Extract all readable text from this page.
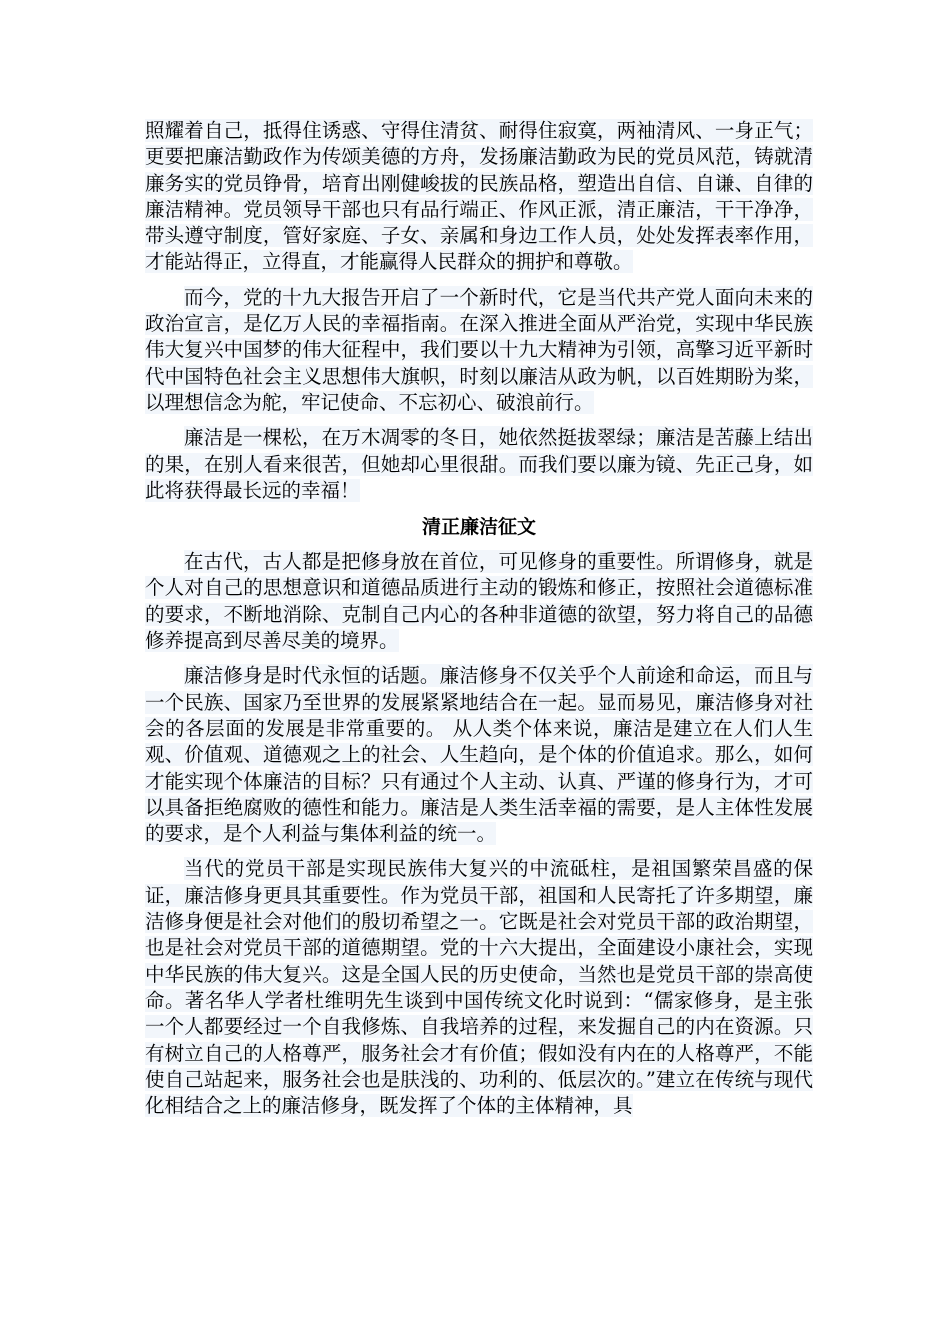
照耀着自己，抵得住诱惑、守得住清贫、耐得住寂寞，两袖清风、一身正气；更要把廉洁勤政作为传颂美德的方舟，发扬廉洁勤政为民的党员风范，铸就清廉务实的党员铮骨，培育出刚健峻拔的民族品格，塑造出自信、自谦、自律的廉洁精神。党员领导干部也只有品行端正、作风正派，清正廉洁，干干净净，带头遵守制度，管好家庭、子女、亲属和身边工作人员，处处发挥表率作用，才能站得正，立得直，才能赢得人民群众的拥护和尊敬。

而今，党的十九大报告开启了一个新时代，它是当代共产党人面向未来的政治宣言，是亿万人民的幸福指南。在深入推进全面从严治党，实现中华民族伟大复兴中国梦的伟大征程中，我们要以十九大精神为引领，高擎习近平新时代中国特色社会主义思想伟大旗帜，时刻以廉洁从政为帆，以百姓期盼为桨，以理想信念为舵，牢记使命、不忘初心、破浪前行。

廉洁是一棵松，在万木凋零的冬日，她依然挺拔翠绿；廉洁是苦藤上结出的果，在别人看来很苦，但她却心里很甜。而我们要以廉为镜、先正己身，如此将获得最长远的幸福！

清正廉洁征文

在古代，古人都是把修身放在首位，可见修身的重要性。所谓修身，就是个人对自己的思想意识和道德品质进行主动的锻炼和修正，按照社会道德标准的要求，不断地消除、克制自己内心的各种非道德的欲望，努力将自己的品德修养提高到尽善尽美的境界。

廉洁修身是时代永恒的话题。廉洁修身不仅关乎个人前途和命运，而且与一个民族、国家乃至世界的发展紧紧地结合在一起。显而易见，廉洁修身对社会的各层面的发展是非常重要的。 从人类个体来说，廉洁是建立在人们人生观、价值观、道德观之上的社会、人生趋向，是个体的价值追求。那么，如何才能实现个体廉洁的目标？只有通过个人主动、认真、严谨的修身行为，才可以具备拒绝腐败的德性和能力。廉洁是人类生活幸福的需要，是人主体性发展的要求，是个人利益与集体利益的统一。

当代的党员干部是实现民族伟大复兴的中流砥柱，是祖国繁荣昌盛的保证，廉洁修身更具其重要性。作为党员干部，祖国和人民寄托了许多期望，廉洁修身便是社会对他们的殷切希望之一。它既是社会对党员干部的政治期望，也是社会对党员干部的道德期望。党的十六大提出，全面建设小康社会，实现中华民族的伟大复兴。这是全国人民的历史使命，当然也是党员干部的崇高使命。著名华人学者杜维明先生谈到中国传统文化时说到：“儒家修身，是主张一个人都要经过一个自我修炼、自我培养的过程，来发掘自己的内在资源。只有树立自己的人格尊严，服务社会才有价值；假如没有内在的人格尊严，不能使自己站起来，服务社会也是肤浅的、功利的、低层次的。”建立在传统与现代化相结合之上的廉洁修身，既发挥了个体的主体精神，具
